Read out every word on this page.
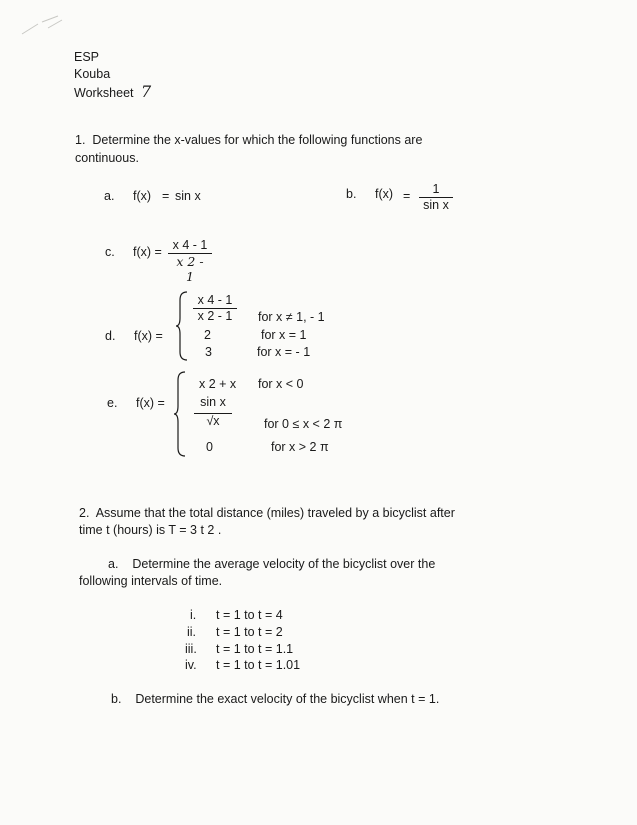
ESP
Kouba
Worksheet 7
1. Determine the x-values for which the following functions are
continuous.
a. f(x) = sin x	b. $f(x) = \frac{1}{\text{sin x}}$
c. $f(x) = \frac{x 4 - 1}{x 2 - 1}$
d. f(x) =
$\frac{x 4 - 1}{x 2 - 1}$ for x ≠ 1, - 1
2	for x = 1
3	for x = - 1
e. f(x) =
x 2 + x for x < 0
$\frac{\text{sin x}}{√x}$	for 0 ≤ x < 2 π
0	for x > 2 π
2. Assume that the total distance (miles) traveled by a bicyclist after
time t (hours) is T = 3 t 2 .
a. Determine the average velocity of the bicyclist over the
following intervals of time.
i. t = 1 to t = 4
ii. t = 1 to t = 2
iii. t = 1 to t = 1.1
iv. t = 1 to t = 1.01
b. Determine the exact velocity of the bicyclist when t = 1.
